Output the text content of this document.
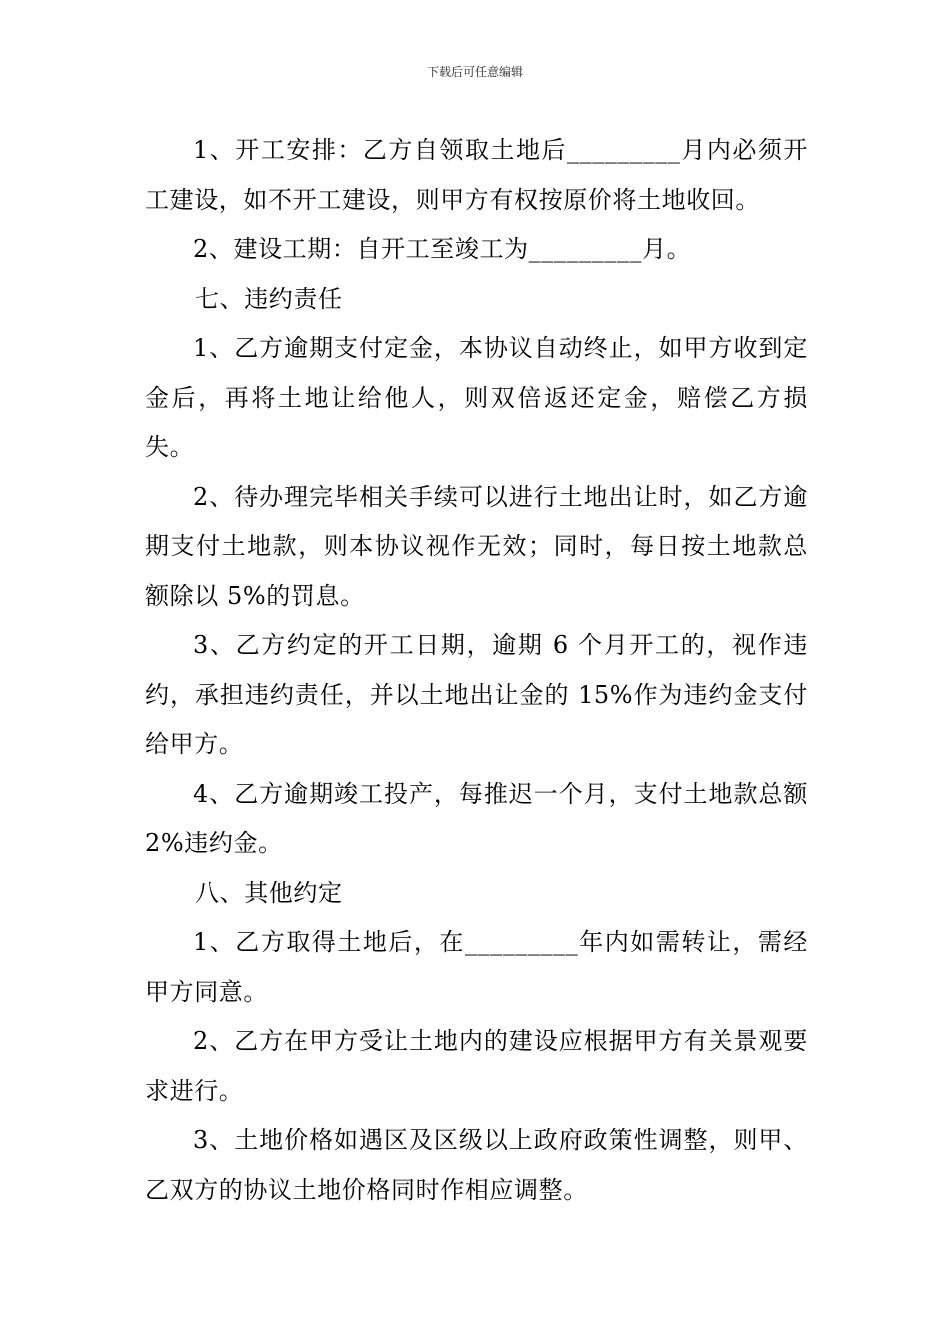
下载后可任意编辑

1、开工安排：乙方自领取土地后_________月内必须开工建设，如不开工建设，则甲方有权按原价将土地收回。

2、建设工期：自开工至竣工为_________月。

七、违约责任

1、乙方逾期支付定金，本协议自动终止，如甲方收到定金后，再将土地让给他人，则双倍返还定金，赔偿乙方损失。

2、待办理完毕相关手续可以进行土地出让时，如乙方逾期支付土地款，则本协议视作无效；同时，每日按土地款总额除以 5%的罚息。

3、乙方约定的开工日期，逾期 6 个月开工的，视作违约，承担违约责任，并以土地出让金的 15%作为违约金支付给甲方。

4、乙方逾期竣工投产，每推迟一个月，支付土地款总额 2%违约金。

八、其他约定

1、乙方取得土地后，在_________年内如需转让，需经甲方同意。

2、乙方在甲方受让土地内的建设应根据甲方有关景观要求进行。

3、土地价格如遇区及区级以上政府政策性调整，则甲、乙双方的协议土地价格同时作相应调整。
